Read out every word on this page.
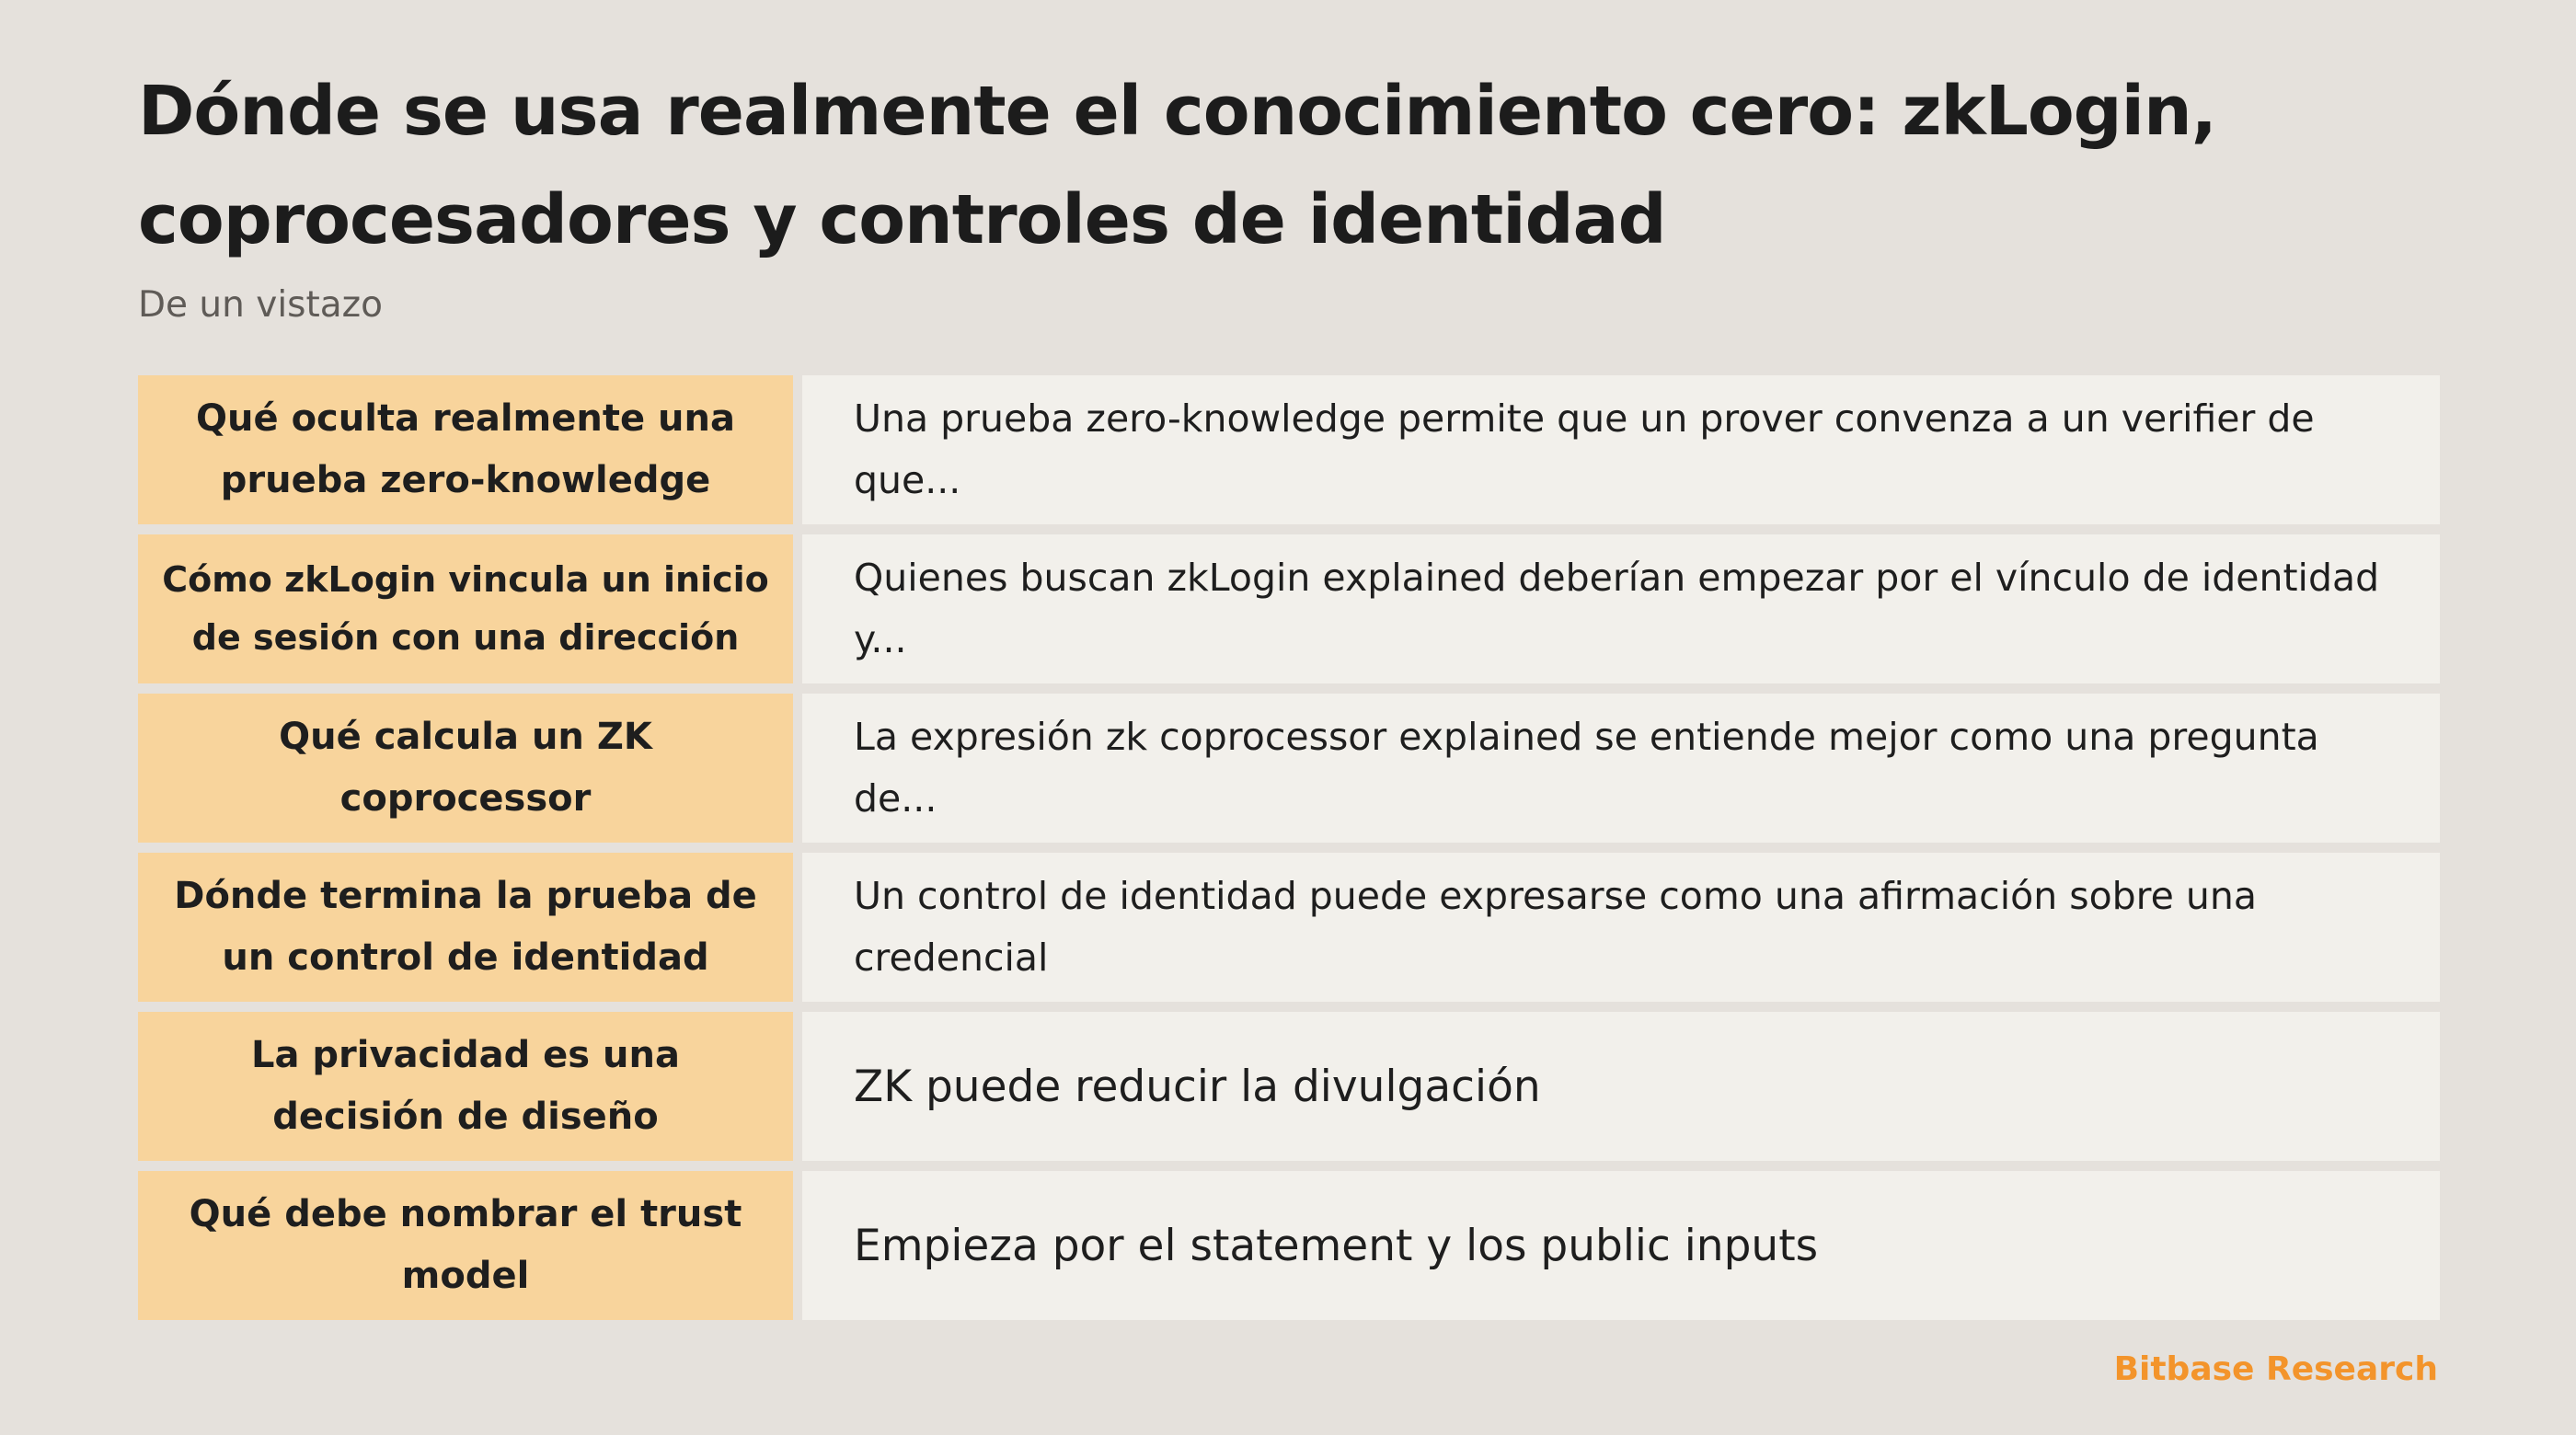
Dónde se usa realmente el conocimiento cero: zkLogin, coprocesadores y controles de identidad

De un vistazo

Qué oculta realmente una prueba zero-knowledge
Una prueba zero-knowledge permite que un prover convenza a un verifier de que...
Cómo zkLogin vincula un inicio de sesión con una dirección
Quienes buscan zkLogin explained deberían empezar por el vínculo de identidad y...
Qué calcula un ZK coprocessor
La expresión zk coprocessor explained se entiende mejor como una pregunta de...
Dónde termina la prueba de un control de identidad
Un control de identidad puede expresarse como una afirmación sobre una credencial
La privacidad es una decisión de diseño
ZK puede reducir la divulgación
Qué debe nombrar el trust model
Empieza por el statement y los public inputs

Bitbase Research
